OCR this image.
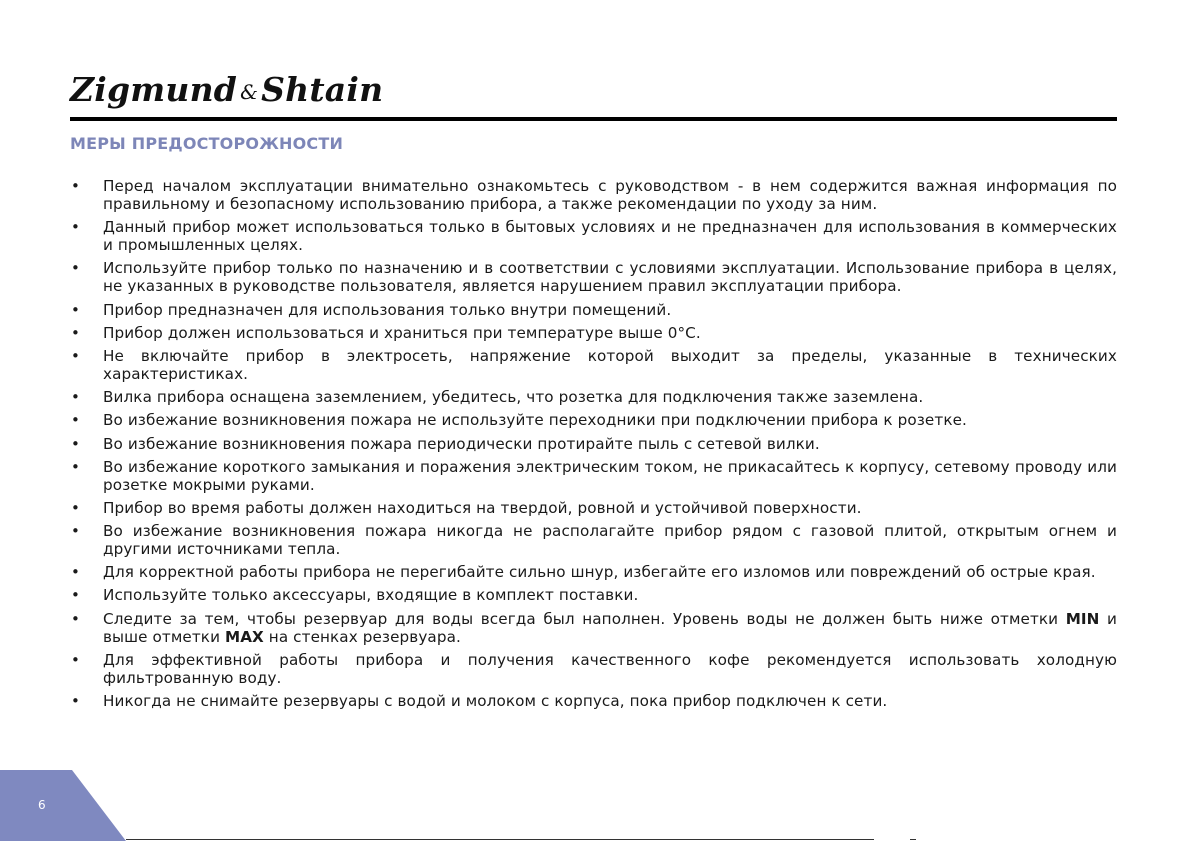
Zigmund &Shtain
МЕРЫ ПРЕДОСТОРОЖНОСТИ
• Перед началом эксплуатации внимательно ознакомьтесь с руководством - в нем содержится важная информация по правильному и безопасному использованию прибора, а также рекомендации по уходу за ним.
• Данный прибор может использоваться только в бытовых условиях и не предназначен для использования в коммерческих и промышленных целях.
• Используйте прибор только по назначению и в соответствии с условиями эксплуатации. Использование прибора в целях, не указанных в руководстве пользователя, является нарушением правил эксплуатации прибора.
• Прибор предназначен для использования только внутри помещений.
• Прибор должен использоваться и храниться при температуре выше 0°С.
• Не включайте прибор в электросеть, напряжение которой выходит за пределы, указанные в технических характеристиках.
• Вилка прибора оснащена заземлением, убедитесь, что розетка для подключения также заземлена.
• Во избежание возникновения пожара не используйте переходники при подключении прибора к розетке.
• Во избежание возникновения пожара периодически протирайте пыль с сетевой вилки.
• Во избежание короткого замыкания и поражения электрическим током, не прикасайтесь к корпусу, сетевому проводу или розетке мокрыми руками.
• Прибор во время работы должен находиться на твердой, ровной и устойчивой поверхности.
• Во избежание возникновения пожара никогда не располагайте прибор рядом с газовой плитой, открытым огнем и другими источниками тепла.
• Для корректной работы прибора не перегибайте сильно шнур, избегайте его изломов или повреждений об острые края.
• Используйте только аксессуары, входящие в комплект поставки.
• Следите за тем, чтобы резервуар для воды всегда был наполнен. Уровень воды не должен быть ниже отметки MIN и выше отметки MAX на стенках резервуара.
• Для эффективной работы прибора и получения качественного кофе рекомендуется использовать холодную фильтрованную воду.
• Никогда не снимайте резервуары с водой и молоком с корпуса, пока прибор подключен к сети.
6
